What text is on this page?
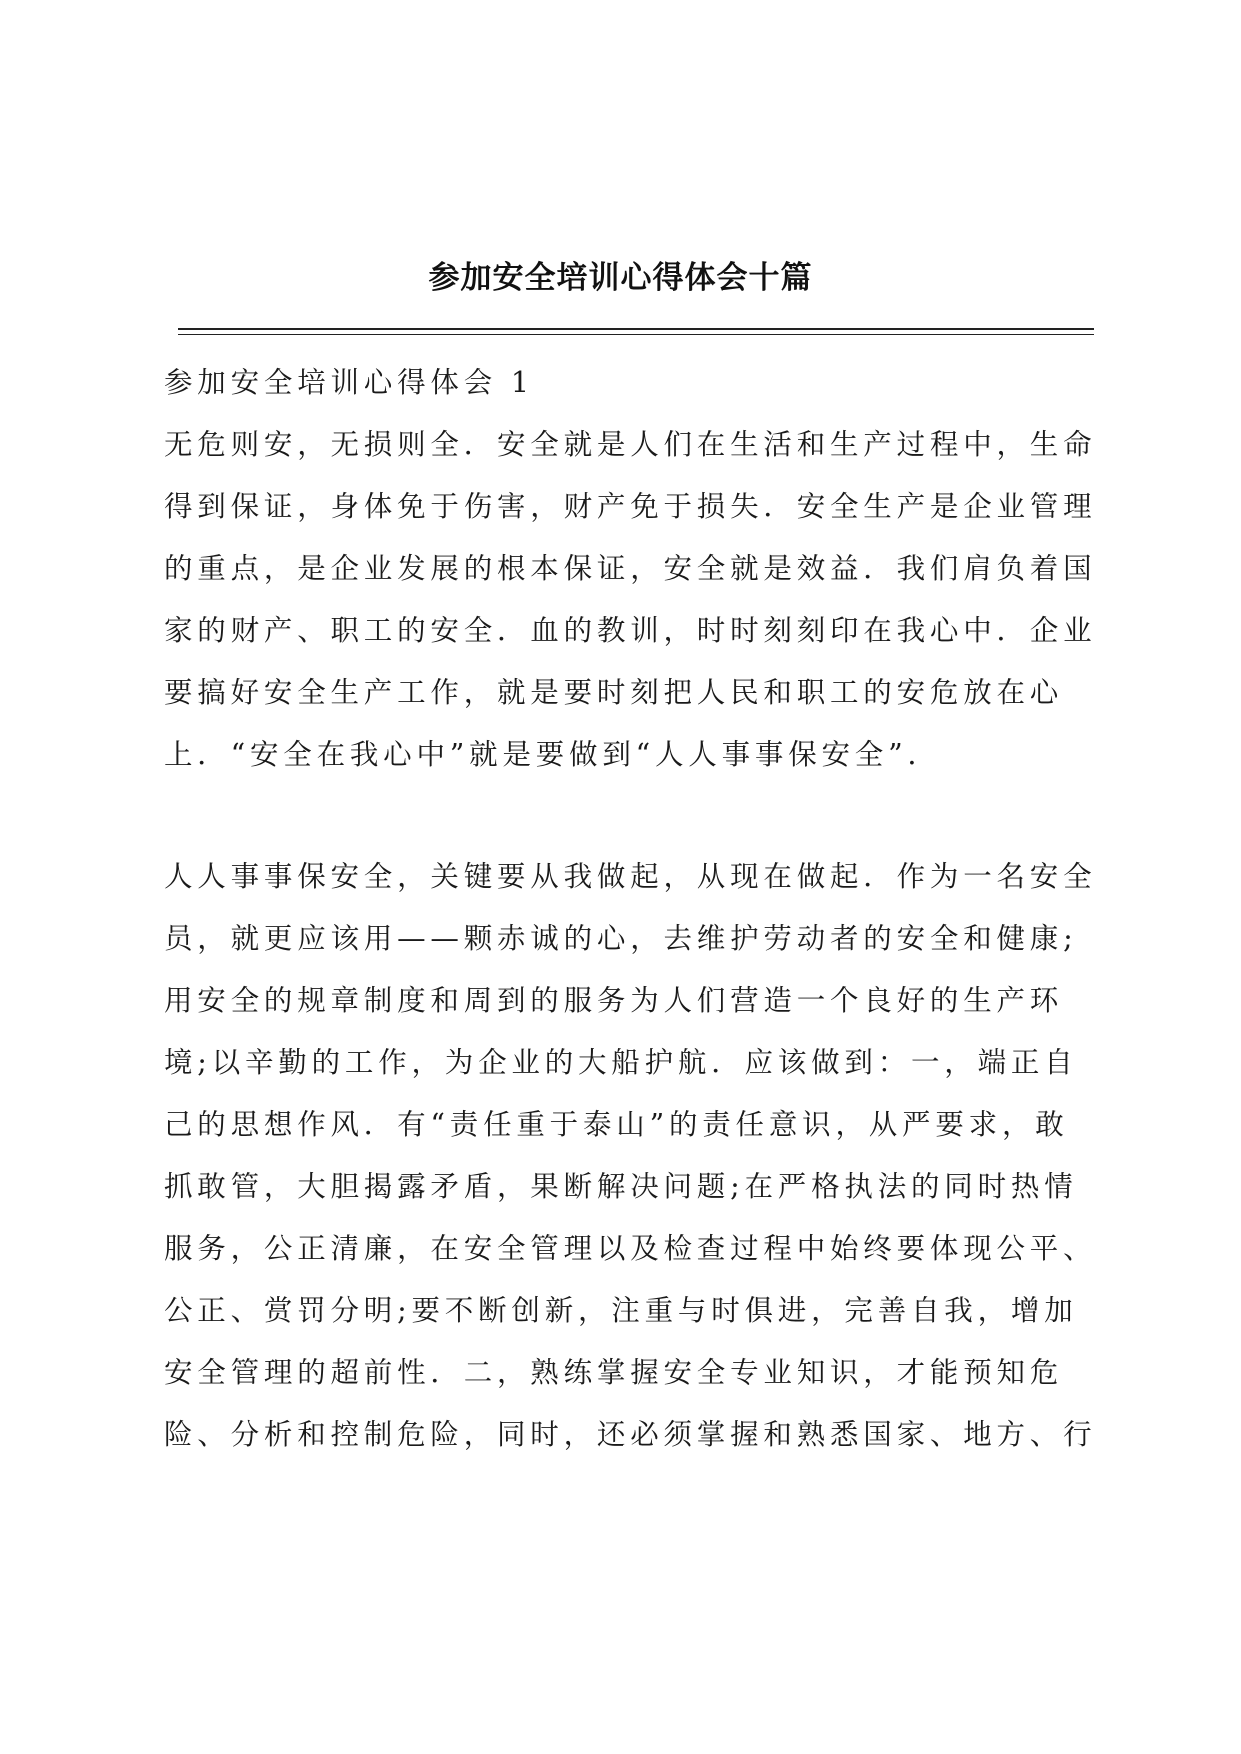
参加安全培训心得体会十篇
参加安全培训心得体会 1
无危则安，无损则全．安全就是人们在生活和生产过程中，生命
得到保证，身体免于伤害，财产免于损失．安全生产是企业管理
的重点，是企业发展的根本保证，安全就是效益．我们肩负着国
家的财产、职工的安全．血的教训，时时刻刻印在我心中．企业
要搞好安全生产工作，就是要时刻把人民和职工的安危放在心
上．“安全在我心中”就是要做到“人人事事保安全”．
人人事事保安全，关键要从我做起，从现在做起．作为一名安全
员，就更应该用——颗赤诚的心，去维护劳动者的安全和健康;
用安全的规章制度和周到的服务为人们营造一个良好的生产环
境;以辛勤的工作，为企业的大船护航．应该做到：一，端正自
己的思想作风．有“责任重于泰山”的责任意识，从严要求，敢
抓敢管，大胆揭露矛盾，果断解决问题;在严格执法的同时热情
服务，公正清廉，在安全管理以及检查过程中始终要体现公平、
公正、赏罚分明;要不断创新，注重与时俱进，完善自我，增加
安全管理的超前性．二，熟练掌握安全专业知识，才能预知危
险、分析和控制危险，同时，还必须掌握和熟悉国家、地方、行
